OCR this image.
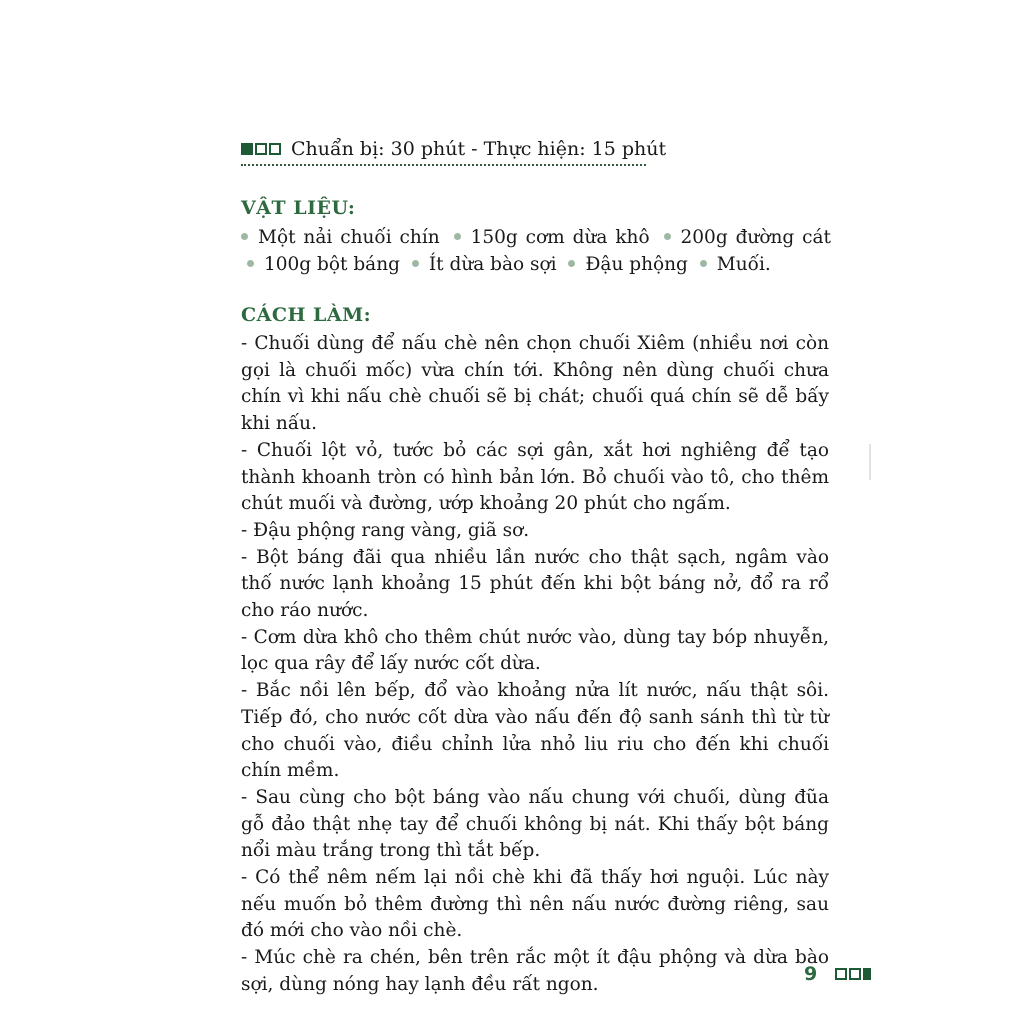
Chuẩn bị: 30 phút - Thực hiện: 15 phút
VẬT LIỆU:
Một nải chuối chín 150g cơm dừa khô 200g đường cát 100g bột báng Ít dừa bào sợi Đậu phộng Muối.
CÁCH LÀM:

- Chuối dùng để nấu chè nên chọn chuối Xiêm (nhiều nơi còn gọi là chuối mốc) vừa chín tới. Không nên dùng chuối chưa chín vì khi nấu chè chuối sẽ bị chát; chuối quá chín sẽ dễ bấy khi nấu.

- Chuối lột vỏ, tước bỏ các sợi gân, xắt hơi nghiêng để tạo thành khoanh tròn có hình bản lớn. Bỏ chuối vào tô, cho thêm chút muối và đường, ướp khoảng 20 phút cho ngấm.

- Đậu phộng rang vàng, giã sơ.

- Bột báng đãi qua nhiều lần nước cho thật sạch, ngâm vào thố nước lạnh khoảng 15 phút đến khi bột báng nở, đổ ra rổ cho ráo nước.

- Cơm dừa khô cho thêm chút nước vào, dùng tay bóp nhuyễn, lọc qua rây để lấy nước cốt dừa.

- Bắc nồi lên bếp, đổ vào khoảng nửa lít nước, nấu thật sôi. Tiếp đó, cho nước cốt dừa vào nấu đến độ sanh sánh thì từ từ cho chuối vào, điều chỉnh lửa nhỏ liu riu cho đến khi chuối chín mềm.

- Sau cùng cho bột báng vào nấu chung với chuối, dùng đũa gỗ đảo thật nhẹ tay để chuối không bị nát. Khi thấy bột báng nổi màu trắng trong thì tắt bếp.

- Có thể nêm nếm lại nồi chè khi đã thấy hơi nguội. Lúc này nếu muốn bỏ thêm đường thì nên nấu nước đường riêng, sau đó mới cho vào nồi chè.

- Múc chè ra chén, bên trên rắc một ít đậu phộng và dừa bào sợi, dùng nóng hay lạnh đều rất ngon.	9
